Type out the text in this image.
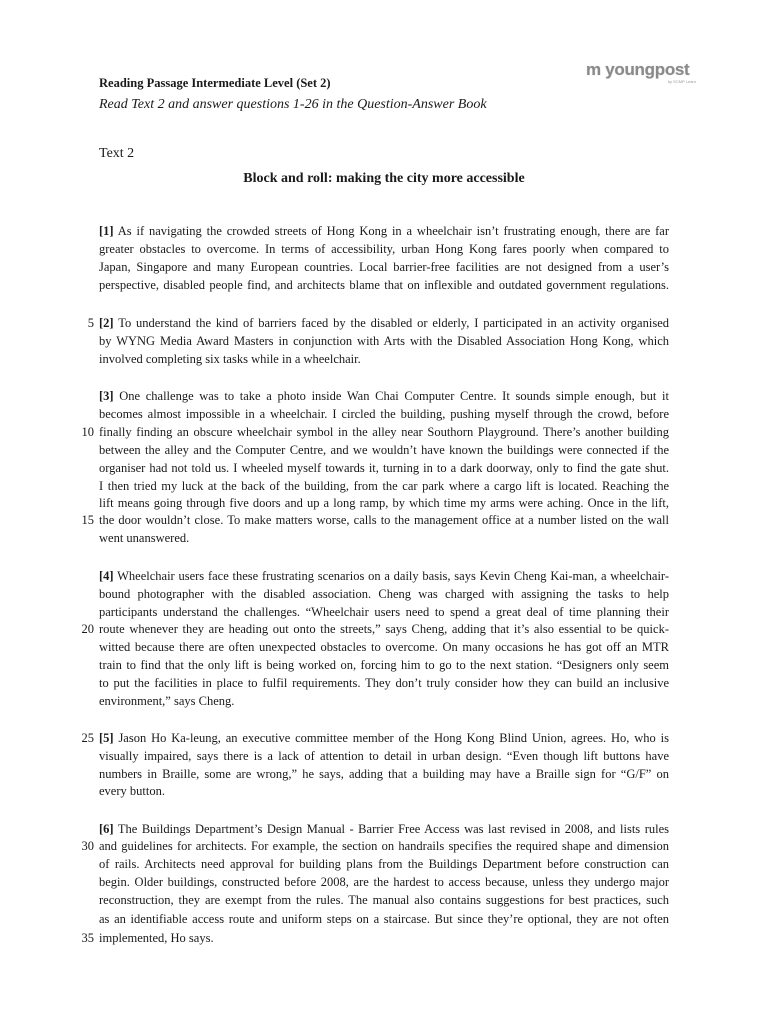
m youngpost
by SCMP Learn
Reading Passage Intermediate Level (Set 2)
Read Text 2 and answer questions 1-26 in the Question-Answer Book
Text 2
Block and roll: making the city more accessible
5
10
15
20
25
30
35
[1] As if navigating the crowded streets of Hong Kong in a wheelchair isn’t frustrating enough, there are far
greater obstacles to overcome. In terms of accessibility, urban Hong Kong fares poorly when compared to
Japan, Singapore and many European countries. Local barrier-free facilities are not designed from a user’s
perspective, disabled people find, and architects blame that on inflexible and outdated government regulations.
[2] To understand the kind of barriers faced by the disabled or elderly, I participated in an activity organised
by WYNG Media Award Masters in conjunction with Arts with the Disabled Association Hong Kong, which
involved completing six tasks while in a wheelchair.
[3] One challenge was to take a photo inside Wan Chai Computer Centre. It sounds simple enough, but it
becomes almost impossible in a wheelchair. I circled the building, pushing myself through the crowd, before
finally finding an obscure wheelchair symbol in the alley near Southorn Playground. There’s another building
between the alley and the Computer Centre, and we wouldn’t have known the buildings were connected if the
organiser had not told us. I wheeled myself towards it, turning in to a dark doorway, only to find the gate shut.
I then tried my luck at the back of the building, from the car park where a cargo lift is located. Reaching the
lift means going through five doors and up a long ramp, by which time my arms were aching. Once in the lift,
the door wouldn’t close. To make matters worse, calls to the management office at a number listed on the wall
went unanswered.
[4] Wheelchair users face these frustrating scenarios on a daily basis, says Kevin Cheng Kai-man, a wheelchair-
bound photographer with the disabled association. Cheng was charged with assigning the tasks to help
participants understand the challenges. “Wheelchair users need to spend a great deal of time planning their
route whenever they are heading out onto the streets,” says Cheng, adding that it’s also essential to be quick-
witted because there are often unexpected obstacles to overcome. On many occasions he has got off an MTR
train to find that the only lift is being worked on, forcing him to go to the next station. “Designers only seem
to put the facilities in place to fulfil requirements. They don’t truly consider how they can build an inclusive
environment,” says Cheng.
[5] Jason Ho Ka-leung, an executive committee member of the Hong Kong Blind Union, agrees. Ho, who is
visually impaired, says there is a lack of attention to detail in urban design. “Even though lift buttons have
numbers in Braille, some are wrong,” he says, adding that a building may have a Braille sign for “G/F” on
every button.
[6] The Buildings Department’s Design Manual - Barrier Free Access was last revised in 2008, and lists rules
and guidelines for architects. For example, the section on handrails specifies the required shape and dimension
of rails. Architects need approval for building plans from the Buildings Department before construction can
begin. Older buildings, constructed before 2008, are the hardest to access because, unless they undergo major
reconstruction, they are exempt from the rules. The manual also contains suggestions for best practices, such
as an identifiable access route and uniform steps on a staircase. But since they’re optional, they are not often
implemented, Ho says.
